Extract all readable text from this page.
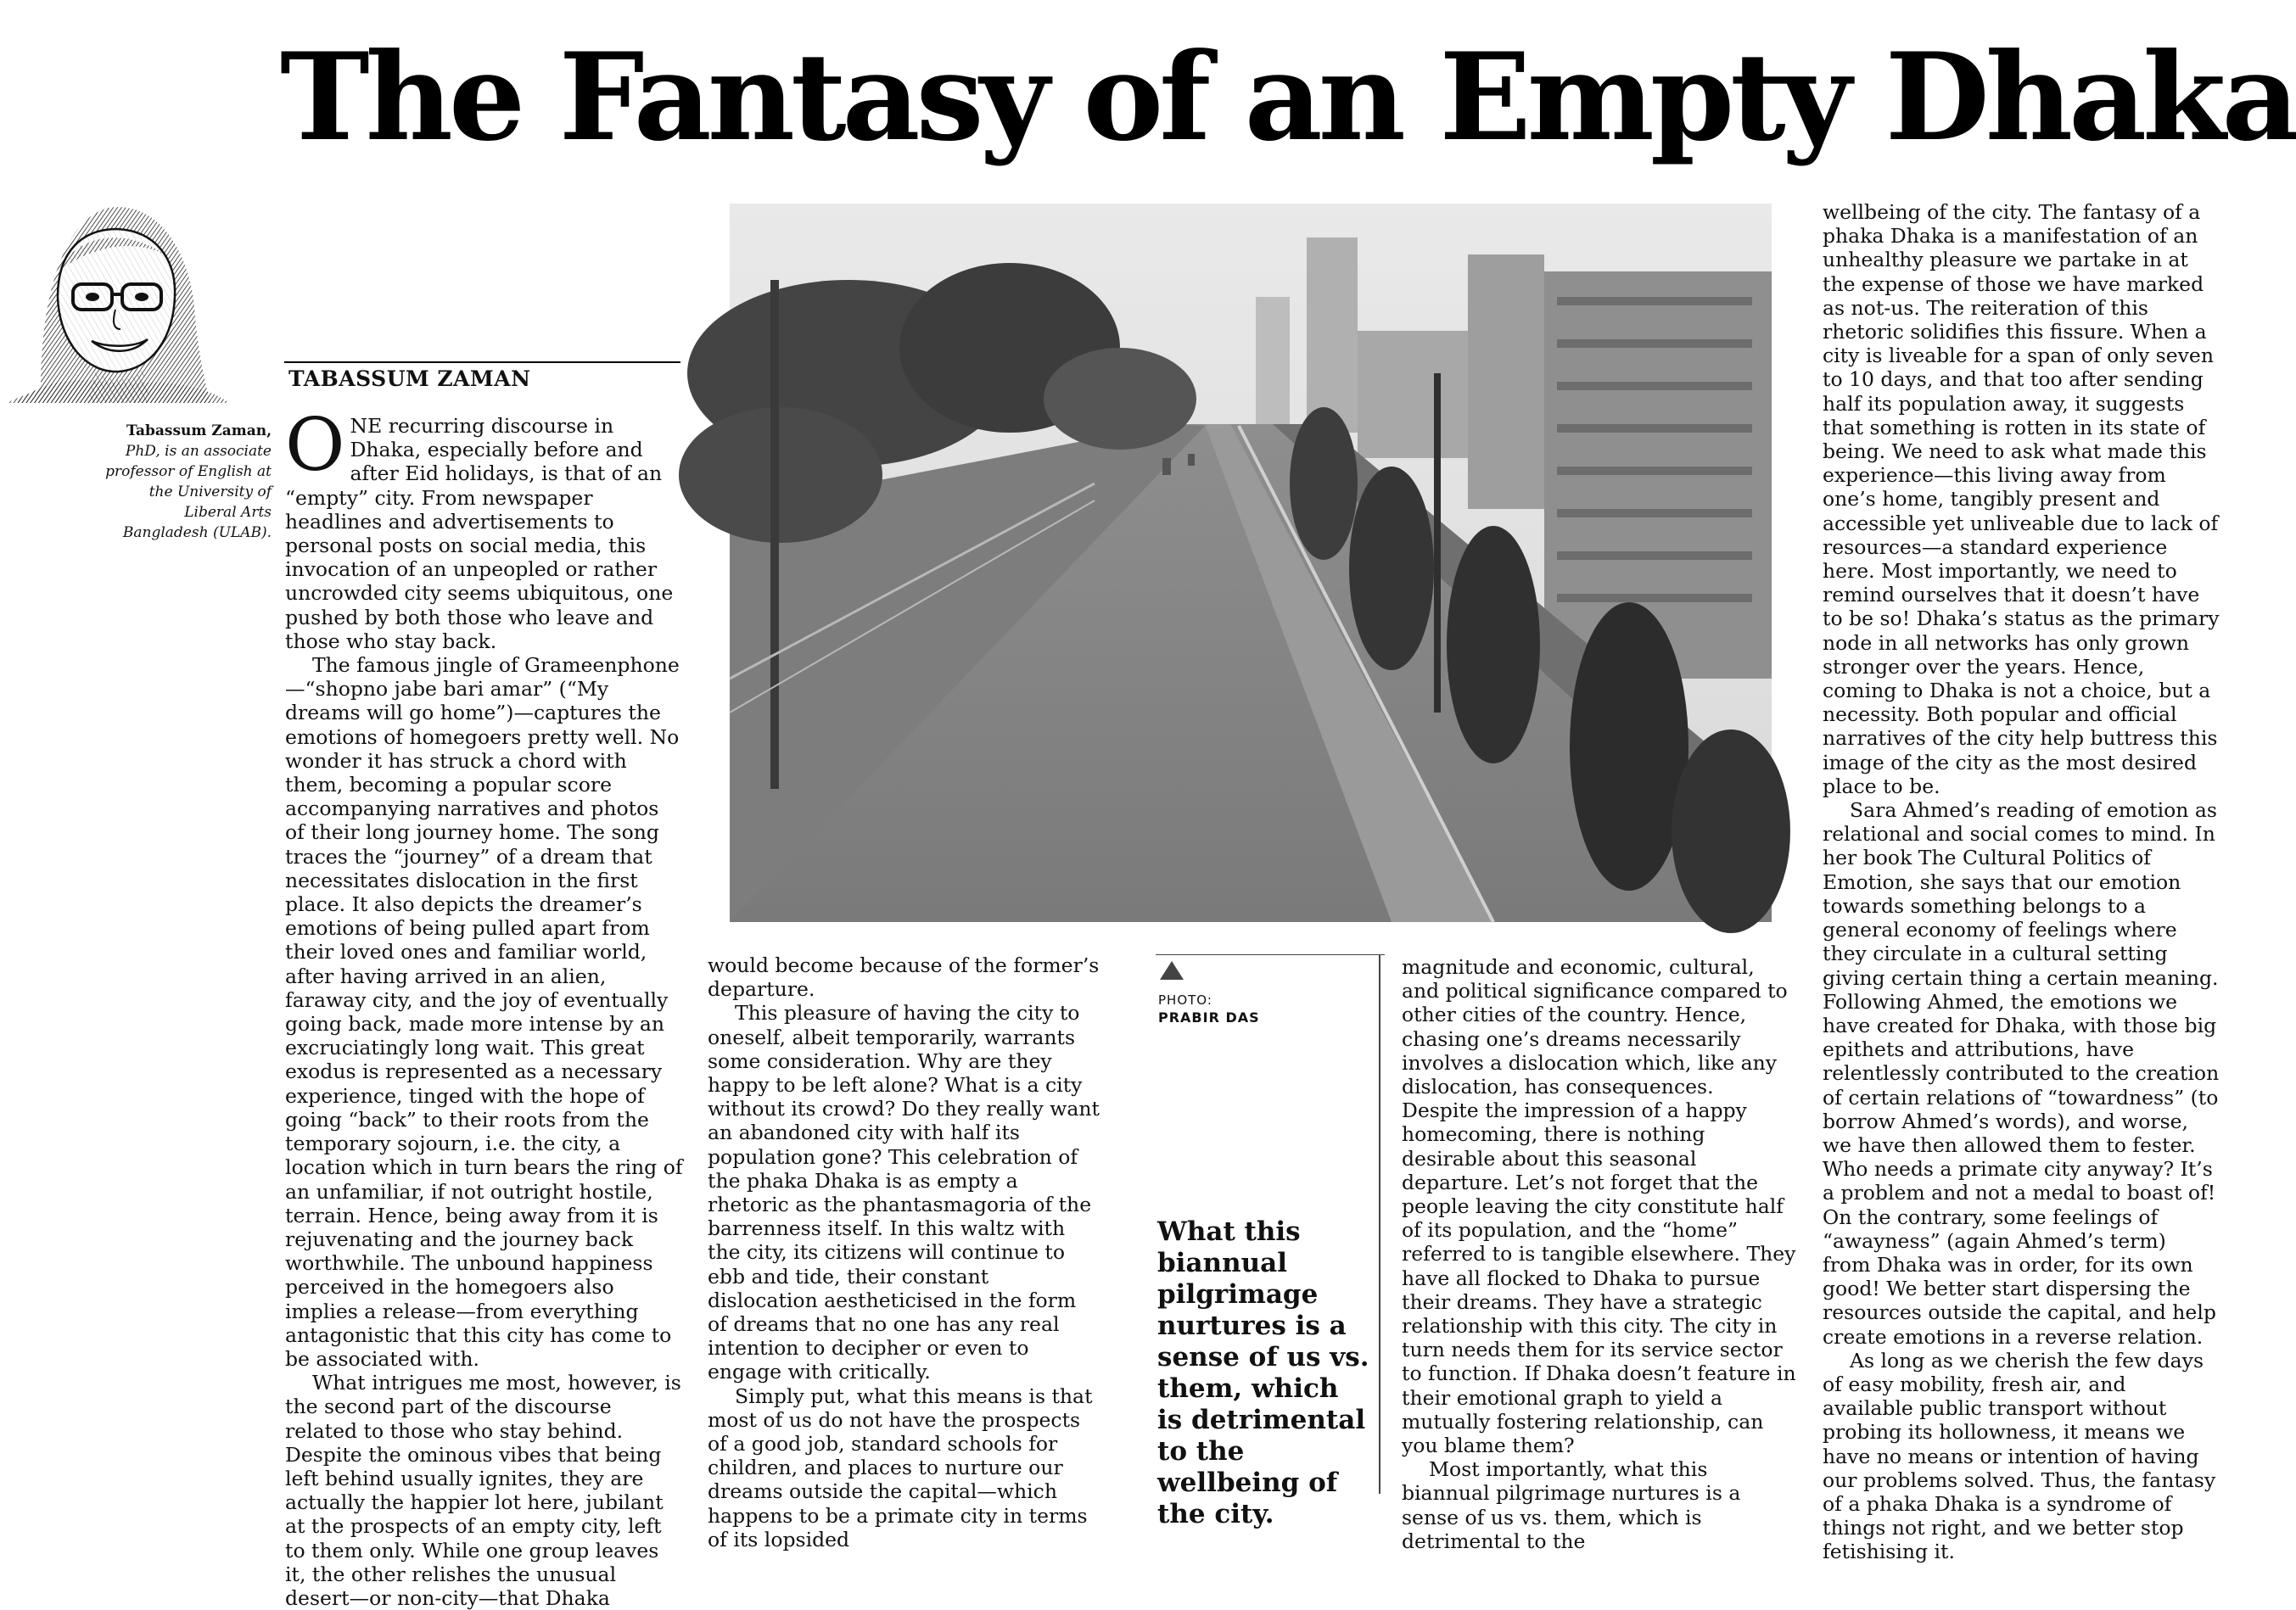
The Fantasy of an Empty Dhaka

TABASSUM ZAMAN

Tabassum Zaman, PhD, is an associate professor of English at the University of Liberal Arts Bangladesh (ULAB).

ONE recurring discourse in Dhaka, especially before and after Eid holidays, is that of an “empty” city. From newspaper headlines and advertisements to personal posts on social media, this invocation of an unpeopled or rather uncrowded city seems ubiquitous, one pushed by both those who leave and those who stay back.

The famous jingle of Grameenphone—“shopno jabe bari amar” (“My dreams will go home”)—captures the emotions of homegoers pretty well. No wonder it has struck a chord with them, becoming a popular score accompanying narratives and photos of their long journey home. The song traces the “journey” of a dream that necessitates dislocation in the first place. It also depicts the dreamer’s emotions of being pulled apart from their loved ones and familiar world, after having arrived in an alien, faraway city, and the joy of eventually going back, made more intense by an excruciatingly long wait. This great exodus is represented as a necessary experience, tinged with the hope of going “back” to their roots from the temporary sojourn, i.e. the city, a location which in turn bears the ring of an unfamiliar, if not outright hostile, terrain. Hence, being away from it is rejuvenating and the journey back worthwhile. The unbound happiness perceived in the homegoers also implies a release—from everything antagonistic that this city has come to be associated with.

What intrigues me most, however, is the second part of the discourse related to those who stay behind. Despite the ominous vibes that being left behind usually ignites, they are actually the happier lot here, jubilant at the prospects of an empty city, left to them only. While one group leaves it, the other relishes the unusual desert—or non-city—that Dhaka

PHOTO:
PRABIR DAS

What this biannual pilgrimage nurtures is a sense of us vs. them, which is detrimental to the wellbeing of the city.

would become because of the former’s departure.

This pleasure of having the city to oneself, albeit temporarily, warrants some consideration. Why are they happy to be left alone? What is a city without its crowd? Do they really want an abandoned city with half its population gone? This celebration of the phaka Dhaka is as empty a rhetoric as the phantasmagoria of the barrenness itself. In this waltz with the city, its citizens will continue to ebb and tide, their constant dislocation aestheticised in the form of dreams that no one has any real intention to decipher or even to engage with critically.

Simply put, what this means is that most of us do not have the prospects of a good job, standard schools for children, and places to nurture our dreams outside the capital—which happens to be a primate city in terms of its lopsided

magnitude and economic, cultural, and political significance compared to other cities of the country. Hence, chasing one’s dreams necessarily involves a dislocation which, like any dislocation, has consequences. Despite the impression of a happy homecoming, there is nothing desirable about this seasonal departure. Let’s not forget that the people leaving the city constitute half of its population, and the “home” referred to is tangible elsewhere. They have all flocked to Dhaka to pursue their dreams. They have a strategic relationship with this city. The city in turn needs them for its service sector to function. If Dhaka doesn’t feature in their emotional graph to yield a mutually fostering relationship, can you blame them?

Most importantly, what this biannual pilgrimage nurtures is a sense of us vs. them, which is detrimental to the

wellbeing of the city. The fantasy of a phaka Dhaka is a manifestation of an unhealthy pleasure we partake in at the expense of those we have marked as not-us. The reiteration of this rhetoric solidifies this fissure. When a city is liveable for a span of only seven to 10 days, and that too after sending half its population away, it suggests that something is rotten in its state of being. We need to ask what made this experience—this living away from one’s home, tangibly present and accessible yet unliveable due to lack of resources—a standard experience here. Most importantly, we need to remind ourselves that it doesn’t have to be so! Dhaka’s status as the primary node in all networks has only grown stronger over the years. Hence, coming to Dhaka is not a choice, but a necessity. Both popular and official narratives of the city help buttress this image of the city as the most desired place to be.

Sara Ahmed’s reading of emotion as relational and social comes to mind. In her book The Cultural Politics of Emotion, she says that our emotion towards something belongs to a general economy of feelings where they circulate in a cultural setting giving certain thing a certain meaning. Following Ahmed, the emotions we have created for Dhaka, with those big epithets and attributions, have relentlessly contributed to the creation of certain relations of “towardness” (to borrow Ahmed’s words), and worse, we have then allowed them to fester. Who needs a primate city anyway? It’s a problem and not a medal to boast of! On the contrary, some feelings of “awayness” (again Ahmed’s term) from Dhaka was in order, for its own good! We better start dispersing the resources outside the capital, and help create emotions in a reverse relation.

As long as we cherish the few days of easy mobility, fresh air, and available public transport without probing its hollowness, it means we have no means or intention of having our problems solved. Thus, the fantasy of a phaka Dhaka is a syndrome of things not right, and we better stop fetishising it.
